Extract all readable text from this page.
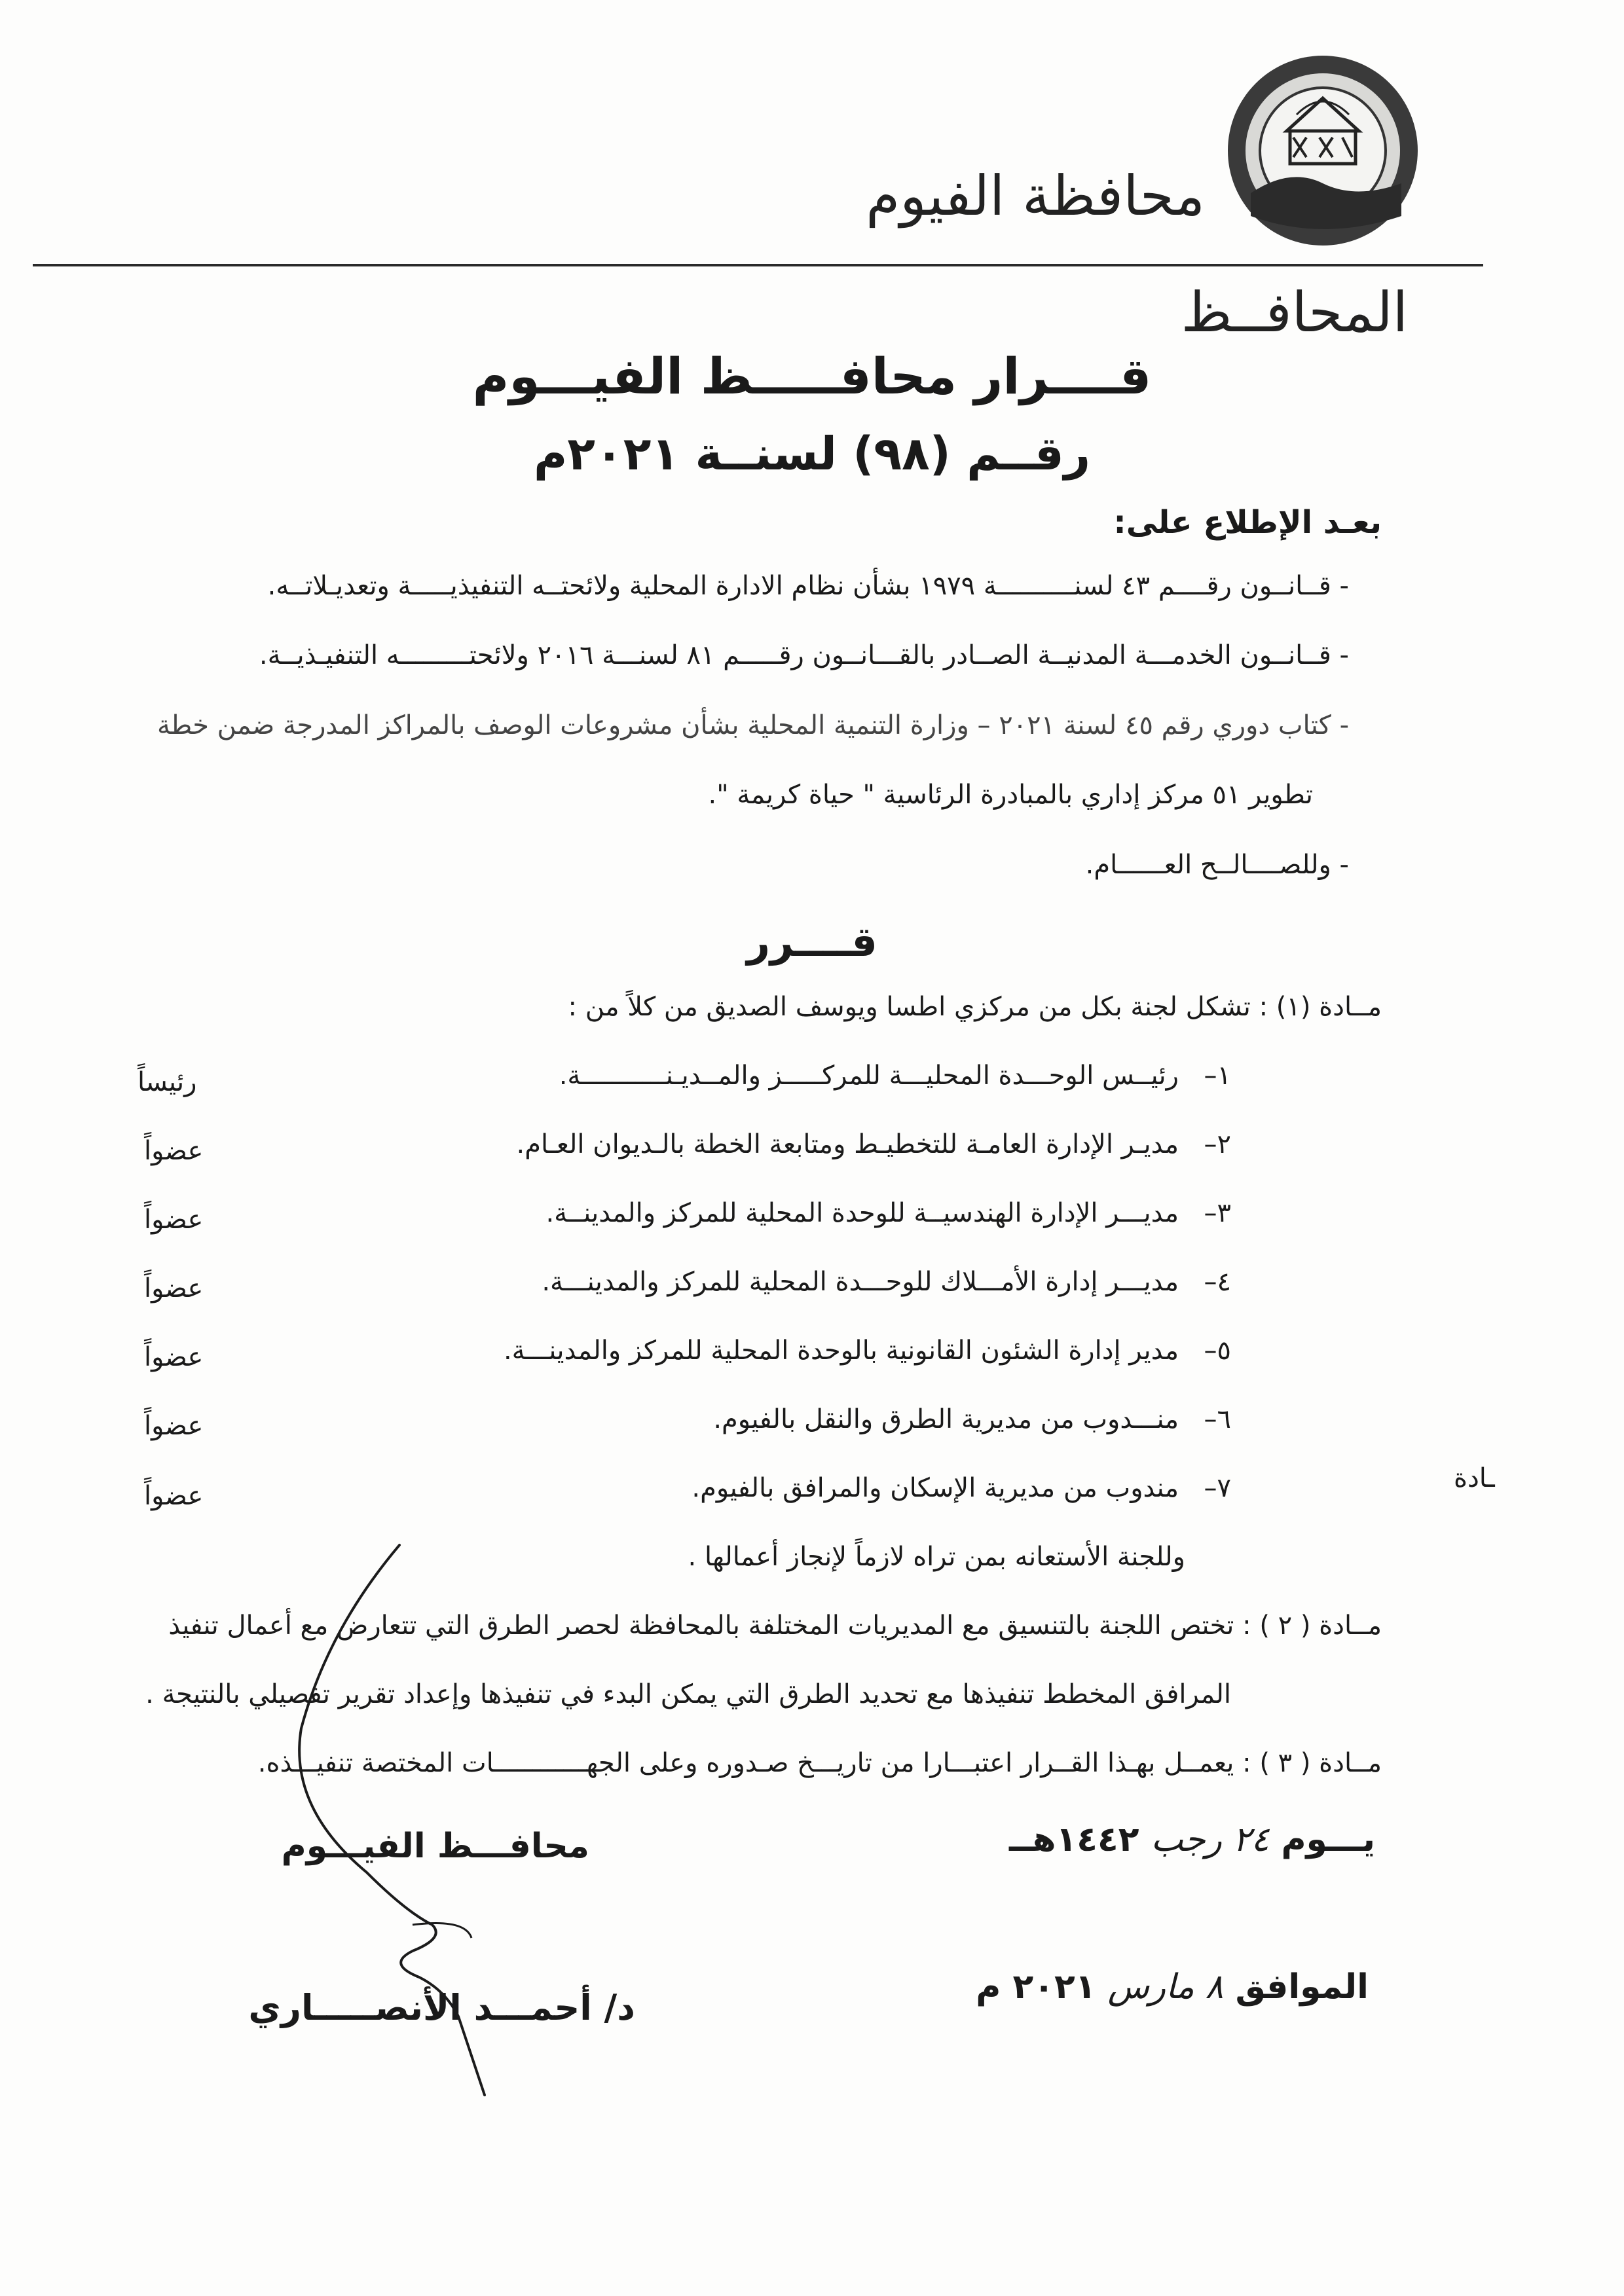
محافظة الفيوم
المحافــظ
قــــرار محافـــــظ الفيـــوم
رقــم (٩٨) لسنــة ٢٠٢١م
بعـد الإطلاع على:
- قــانــون رقــــم ٤٣ لسنــــــــــة ١٩٧٩ بشأن نظام الادارة المحلية ولائحتــه التنفيذيـــــة وتعديـلاتــه.
- قــانــون الخدمـــة المدنيــة الصــادر بالقـــانــون رقـــــم ٨١ لسنـــة ٢٠١٦ ولائحتـــــــــه التنفيـذيــة.
- كتاب دوري رقم ٤٥ لسنة ٢٠٢١ – وزارة التنمية المحلية بشأن مشروعات الوصف بالمراكز المدرجة ضمن خطة
تطوير ٥١ مركز إداري بالمبادرة الرئاسية " حياة كريمة ".
- وللصــــالــح العــــــام.
قــــرر
مــادة (١) : تشكل لجنة بكل من مركزي اطسا ويوسف الصديق من كلاً من :
١–
رئيــس الوحـــدة المحليـــة للمركـــــز والمــديـنـــــــــــة.
رئيساً
٢–
مديـر الإدارة العامـة للتخطيـط ومتابعة الخطة بالـديوان العـام.
عضواً
٣–
مديـــر الإدارة الهندسيــة للوحدة المحلية للمركز والمدينــة.
عضواً
٤–
مديـــر إدارة الأمـــلاك للوحـــدة المحلية للمركز والمدينـــة.
عضواً
٥–
مدير إدارة الشئون القانونية بالوحدة المحلية للمركز والمدينـــة.
عضواً
٦–
منـــدوب من مديرية الطرق والنقل بالفيوم.
عضواً
٧–
مندوب من مديرية الإسكان والمرافق بالفيوم.
عضواً
وللجنة الأستعانه بمن تراه لازماً لإنجاز أعمالها .
مــادة ( ٢ ) : تختص اللجنة بالتنسيق مع المديريات المختلفة بالمحافظة لحصر الطرق التي تتعارض مع أعمال تنفيذ
المرافق المخطط تنفيذها مع تحديد الطرق التي يمكن البدء في تنفيذها وإعداد تقرير تفصيلي بالنتيجة .
مــادة ( ٣ ) : يعمــل بهـذا القــرار اعتبـــارا من تاريـــخ صـدوره وعلى الجهــــــــــــات المختصة تنفيـــذه.
يـــوم ٢٤ رجب ١٤٤٢هــ
الموافق ٨ مارس ٢٠٢١ م
محافـــظ الفيـــوم
د/ أحمـــد الأنصـــــاري
ـادة
